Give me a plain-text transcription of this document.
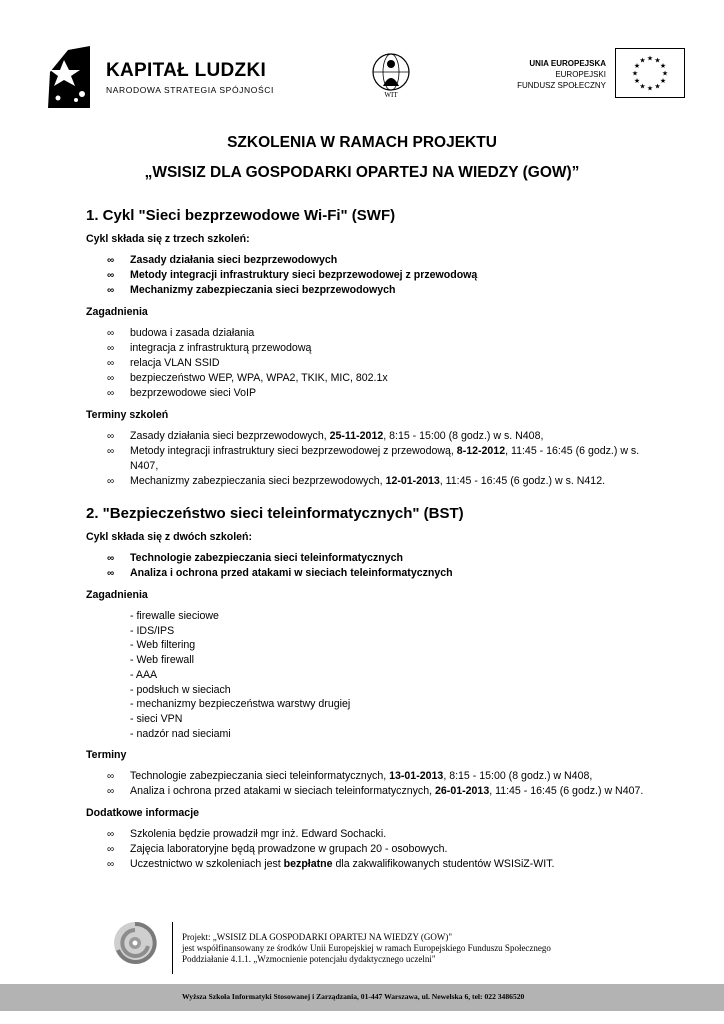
KAPITAŁ LUDZKI
NARODOWA STRATEGIA SPÓJNOŚCI	WIT
UNIA EUROPEJSKA
EUROPEJSKI
FUNDUSZ SPOŁECZNY
★
★
★
★
★
★
★
★
★ ★ ★
★
SZKOLENIA W RAMACH PROJEKTU
„WSISIZ DLA GOSPODARKI OPARTEJ NA WIEDZY (GOW)”
1. Cykl "Sieci bezprzewodowe Wi-Fi" (SWF)
Cykl składa się z trzech szkoleń:
∞ Zasady działania sieci bezprzewodowych
∞ Metody integracji infrastruktury sieci bezprzewodowej z przewodową
∞ Mechanizmy zabezpieczania sieci bezprzewodowych
Zagadnienia
∞ budowa i zasada działania
∞ integracja z infrastrukturą przewodową
∞ relacja VLAN SSID
∞ bezpieczeństwo WEP, WPA, WPA2, TKIK, MIC, 802.1x
∞ bezprzewodowe sieci VoIP
Terminy szkoleń
∞ Zasady działania sieci bezprzewodowych, 25-11-2012, 8:15 - 15:00 (8 godz.) w s. N408,
∞ Metody integracji infrastruktury sieci bezprzewodowej z przewodową, 8-12-2012, 11:45 - 16:45 (6 godz.) w s. N407,
∞ Mechanizmy zabezpieczania sieci bezprzewodowych, 12-01-2013, 11:45 - 16:45 (6 godz.) w s. N412.
2. "Bezpieczeństwo sieci teleinformatycznych" (BST)
Cykl składa się z dwóch szkoleń:
∞ Technologie zabezpieczania sieci teleinformatycznych
∞ Analiza i ochrona przed atakami w sieciach teleinformatycznych
Zagadnienia
- firewalle sieciowe
- IDS/IPS
- Web filtering
- Web firewall
- AAA
- podsłuch w sieciach
- mechanizmy bezpieczeństwa warstwy drugiej
- sieci VPN
- nadzór nad sieciami
Terminy
∞ Technologie zabezpieczania sieci teleinformatycznych, 13-01-2013, 8:15 - 15:00 (8 godz.) w N408,
∞ Analiza i ochrona przed atakami w sieciach teleinformatycznych, 26-01-2013, 11:45 - 16:45 (6 godz.) w N407.
Dodatkowe informacje
∞ Szkolenia będzie prowadził mgr inż. Edward Sochacki.
∞ Zajęcia laboratoryjne będą prowadzone w grupach 20 - osobowych.
∞ Uczestnictwo w szkoleniach jest bezpłatne dla zakwalifikowanych studentów WSISiZ-WIT.
Projekt: „WSISIZ DLA GOSPODARKI OPARTEJ NA WIEDZY (GOW)"
jest współfinansowany ze środków Unii Europejskiej w ramach Europejskiego Funduszu Społecznego
Poddziałanie 4.1.1. „Wzmocnienie potencjału dydaktycznego uczelni"
Wyższa Szkoła Informatyki Stosowanej i Zarządzania, 01-447 Warszawa, ul. Newelska 6, tel: 022 3486520
